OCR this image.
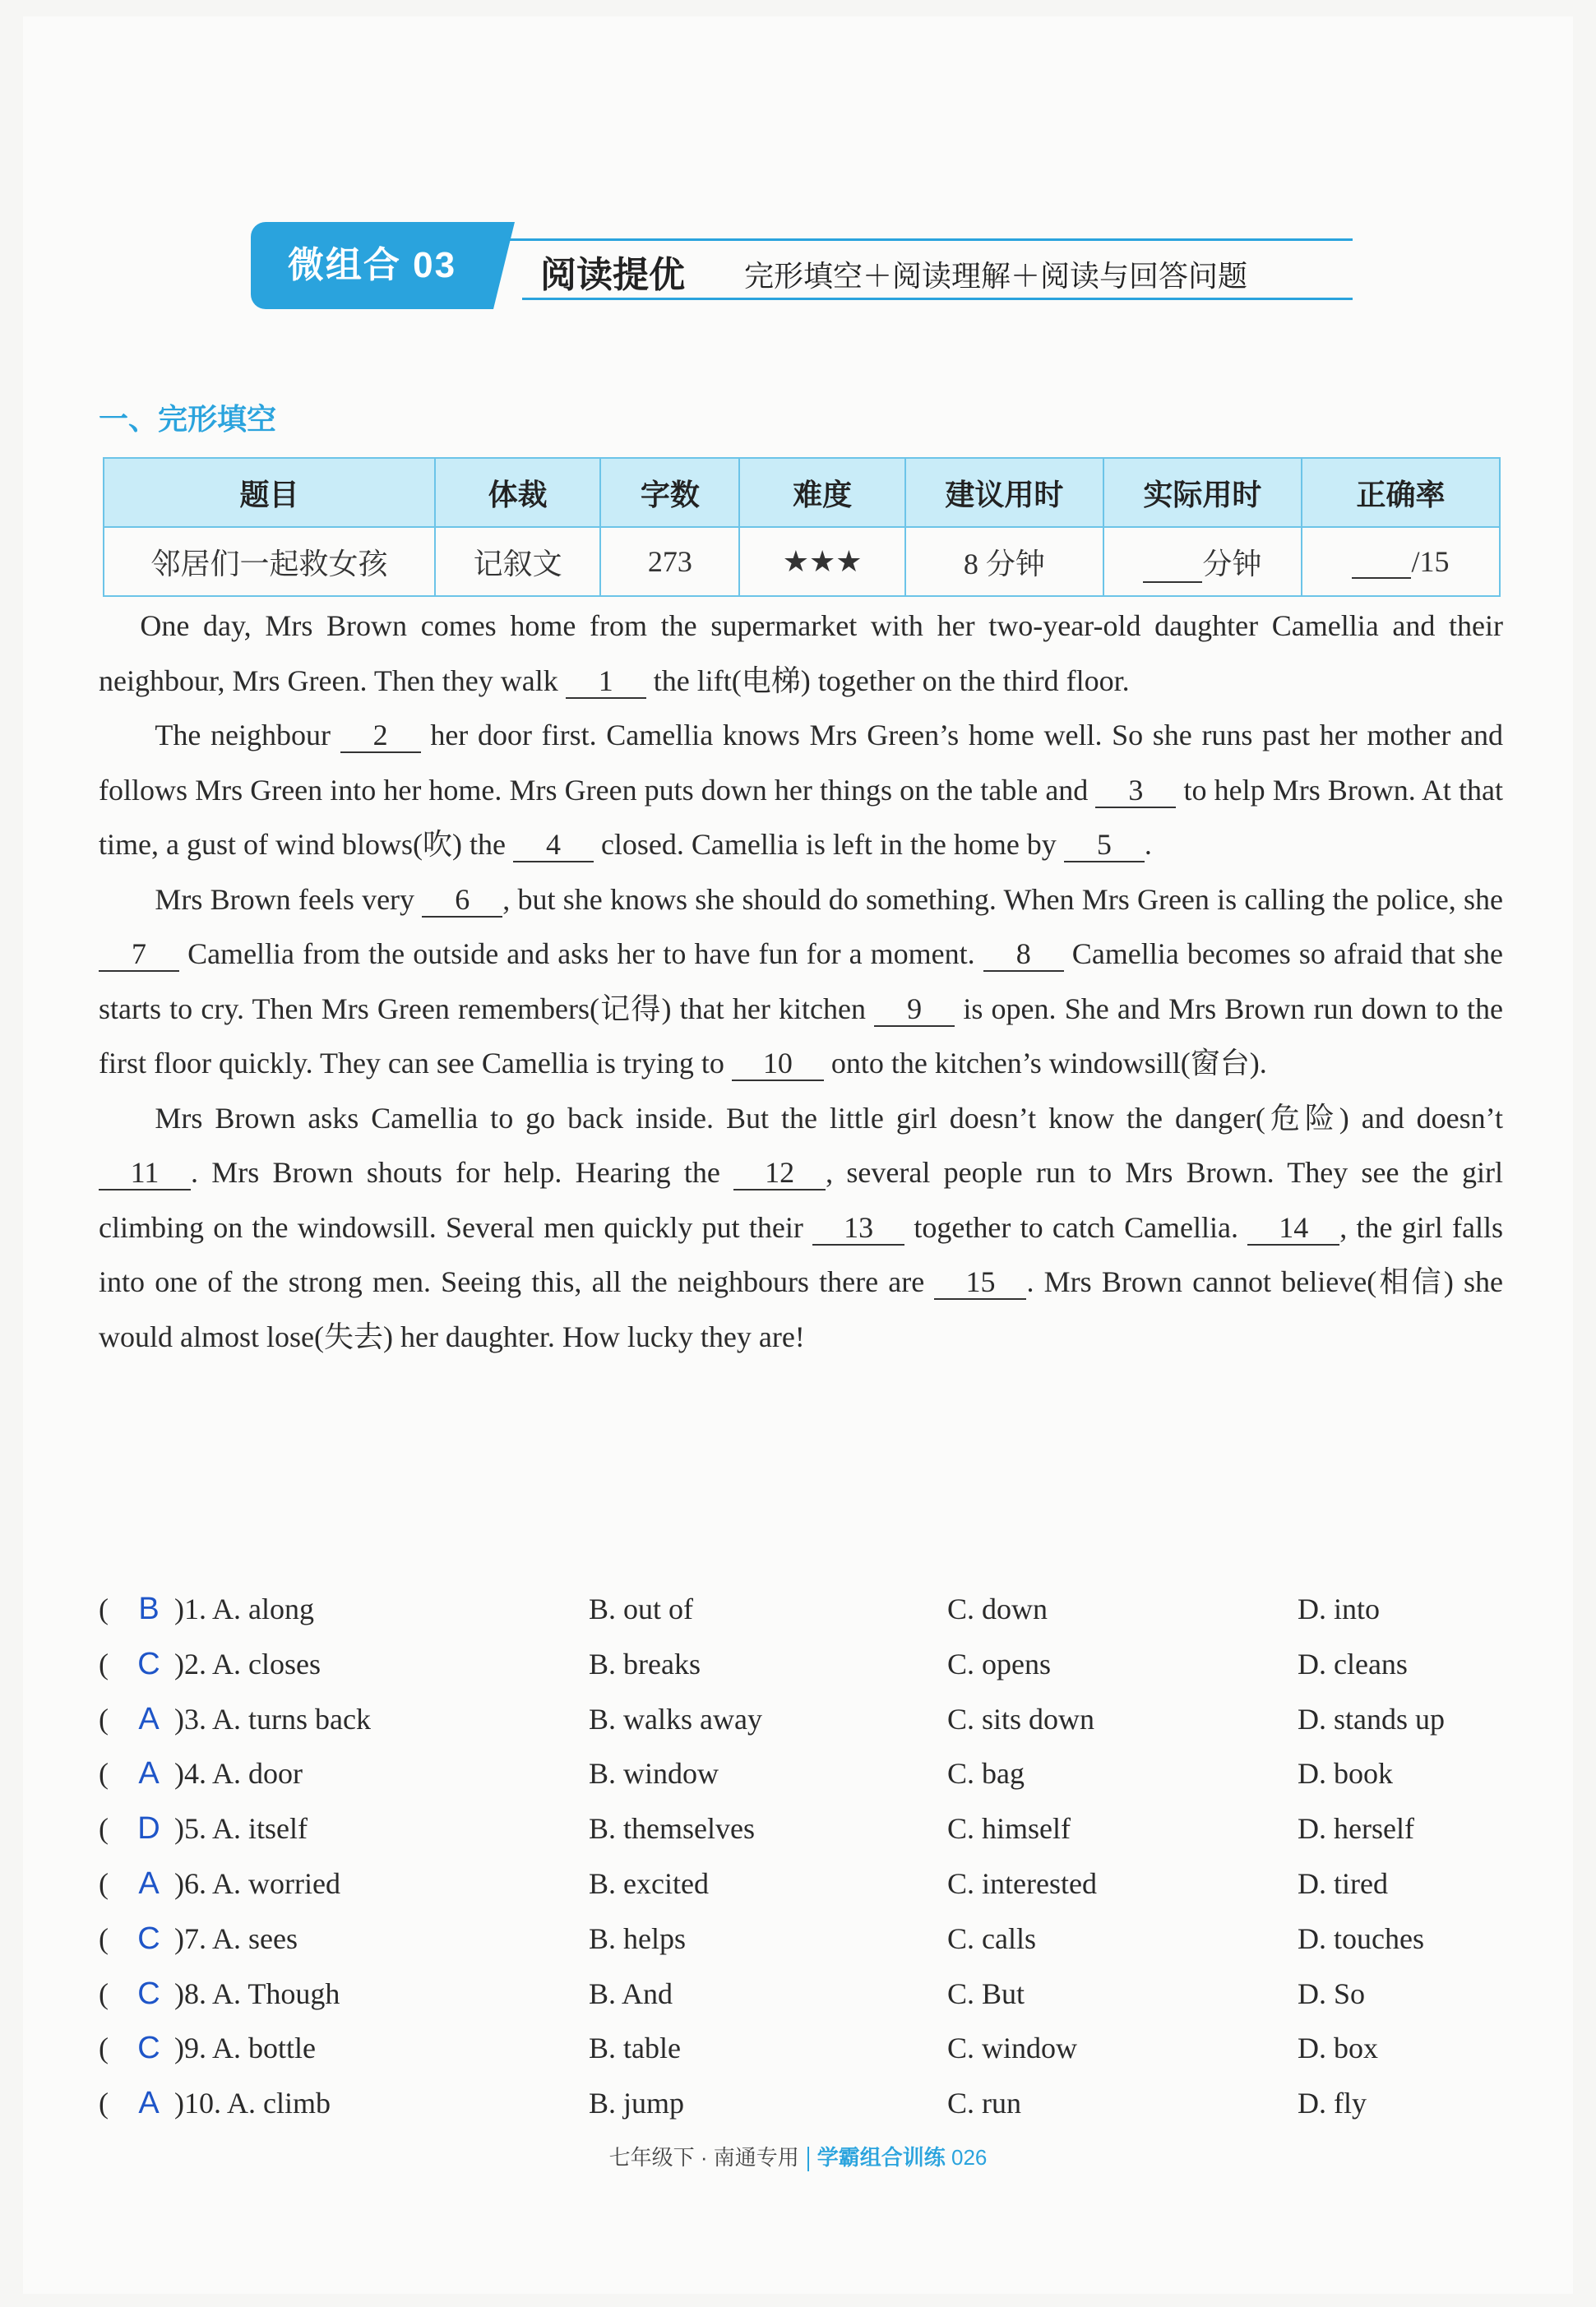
微组合 03	阅读提优 完形填空＋阅读理解＋阅读与回答问题
一、完形填空
题目	体裁	字数	难度	建议用时	实际用时	正确率
邻居们一起救女孩	记叙文	273	★★★	8 分钟	分钟	/15

One day, Mrs Brown comes home from the supermarket with her two-year-old daughter Camellia and their neighbour, Mrs Green. Then they walk 1 the lift(电梯) together on the third floor.

The neighbour 2 her door first. Camellia knows Mrs Green’s home well. So she runs past her mother and follows Mrs Green into her home. Mrs Green puts down her things on the table and 3 to help Mrs Brown. At that time, a gust of wind blows(吹) the 4 closed. Camellia is left in the home by 5 .

Mrs Brown feels very 6 , but she knows she should do something. When Mrs Green is calling the police, she 7 Camellia from the outside and asks her to have fun for a moment. 8 Camellia becomes so afraid that she starts to cry. Then Mrs Green remembers(记得) that her kitchen 9 is open. She and Mrs Brown run down to the first floor quickly. They can see Camellia is trying to 10 onto the kitchen’s windowsill(窗台).

Mrs Brown asks Camellia to go back inside. But the little girl doesn’t know the danger(危险) and doesn’t 11 . Mrs Brown shouts for help. Hearing the 12 , several people run to Mrs Brown. They see the girl climbing on the windowsill. Several men quickly put their 13 together to catch Camellia. 14 , the girl falls into one of the strong men. Seeing this, all the neighbours there are 15 . Mrs Brown cannot believe(相信) she would almost lose(失去) her daughter. How lucky they are!

( B )1. A. along	B. out of	C. down	D. into
( C )2. A. closes	B. breaks	C. opens	D. cleans
( A )3. A. turns back	B. walks away	C. sits down	D. stands up
( A )4. A. door	B. window	C. bag	D. book
( D )5. A. itself	B. themselves	C. himself	D. herself
( A )6. A. worried	B. excited	C. interested	D. tired
( C )7. A. sees	B. helps	C. calls	D. touches
( C )8. A. Though	B. And	C. But	D. So
( C )9. A. bottle	B. table	C. window	D. box
( A )10. A. climb	B. jump	C. run	D. fly
七年级下 · 南通专用 学霸组合训练 026
